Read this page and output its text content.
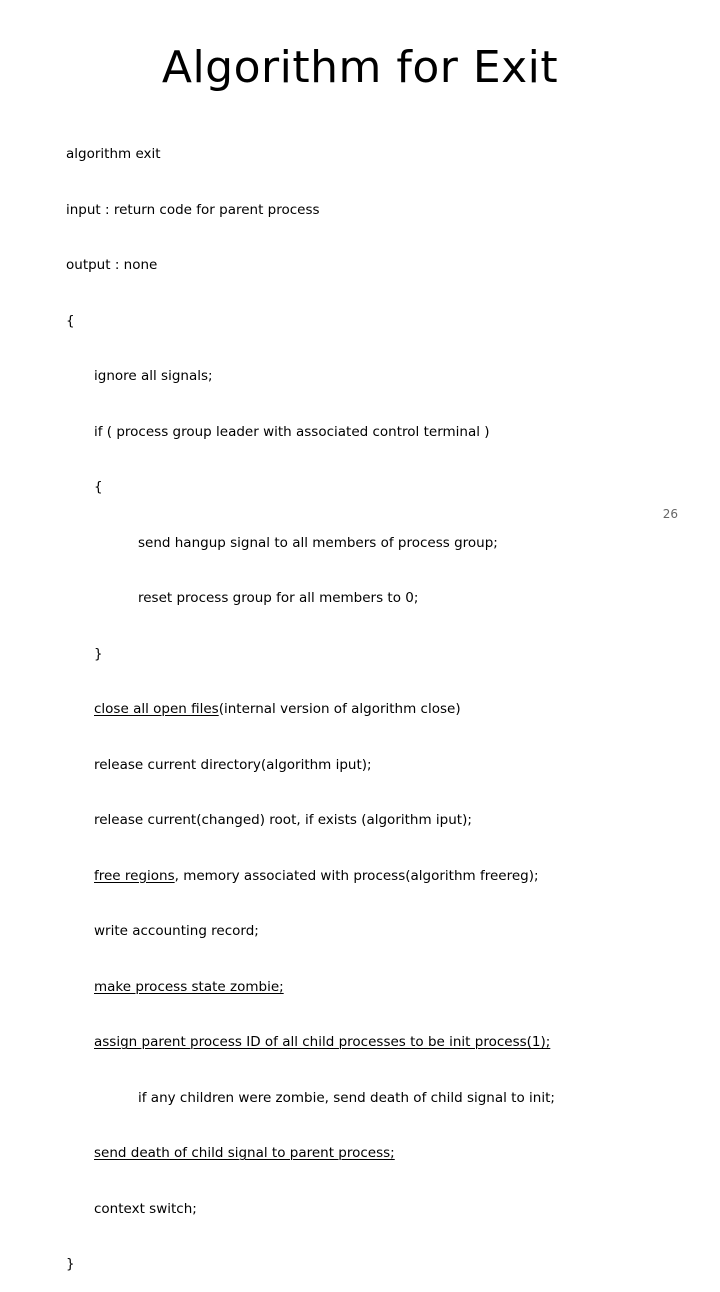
Algorithm for Exit

algorithm exit

input : return code for parent process

output : none

{

ignore all signals;

if ( process group leader with associated control terminal )

{

send hangup signal to all members of process group;

reset process group for all members to 0;

}

close all open files(internal version of algorithm close)

release current directory(algorithm iput);

release current(changed) root, if exists (algorithm iput);

free regions, memory associated with process(algorithm freereg);

write accounting record;

make process state zombie;

assign parent process ID of all child processes to be init process(1);

if any children were zombie, send death of child signal to init;

send death of child signal to parent process;

context switch;

}

26
